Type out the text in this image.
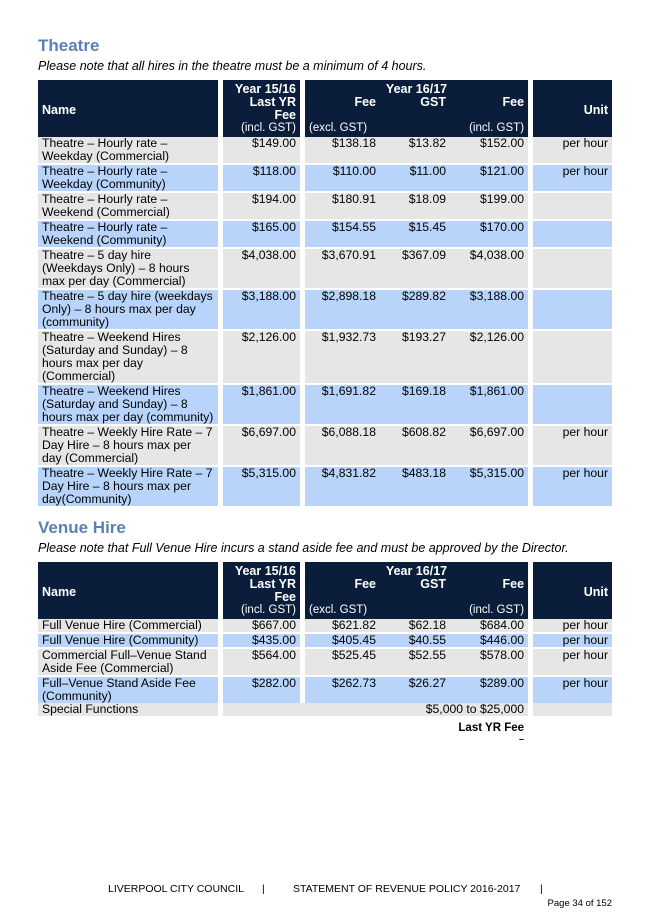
Theatre

Please note that all hires in the theatre must be a minimum of 4 hours.

Name		Year 15/16		Year 16/17				Unit
		Last YR Fee		Fee	GST	Fee		
		(incl. GST)		(excl. GST)		(incl. GST)		
Theatre – Hourly rate – Weekday (Commercial)		$149.00		$138.18	$13.82	$152.00		per hour
Theatre – Hourly rate – Weekday (Community)		$118.00		$110.00	$11.00	$121.00		per hour
Theatre – Hourly rate – Weekend (Commercial)		$194.00		$180.91	$18.09	$199.00		
Theatre – Hourly rate – Weekend (Community)		$165.00		$154.55	$15.45	$170.00		
Theatre – 5 day hire (Weekdays Only) – 8 hours max per day (Commercial)		$4,038.00		$3,670.91	$367.09	$4,038.00		
Theatre – 5 day hire (weekdays Only) – 8 hours max per day (community)		$3,188.00		$2,898.18	$289.82	$3,188.00		
Theatre – Weekend Hires (Saturday and Sunday) – 8 hours max per day (Commercial)		$2,126.00		$1,932.73	$193.27	$2,126.00		
Theatre – Weekend Hires (Saturday and Sunday) – 8 hours max per day (community)		$1,861.00		$1,691.82	$169.18	$1,861.00		
Theatre – Weekly Hire Rate – 7 Day Hire – 8 hours max per day (Commercial)		$6,697.00		$6,088.18	$608.82	$6,697.00		per hour
Theatre – Weekly Hire Rate – 7 Day Hire – 8 hours max per day(Community)		$5,315.00		$4,831.82	$483.18	$5,315.00		per hour
Venue Hire

Please note that Full Venue Hire incurs a stand aside fee and must be approved by the Director.

Name		Year 15/16		Year 16/17				Unit
		Last YR Fee		Fee	GST	Fee		
		(incl. GST)		(excl. GST)		(incl. GST)		
Full Venue Hire (Commercial)		$667.00		$621.82	$62.18	$684.00		per hour
Full Venue Hire (Community)		$435.00		$405.45	$40.55	$446.00		per hour
Commercial Full–Venue Stand Aside Fee (Commercial)		$564.00		$525.45	$52.55	$578.00		per hour
Full–Venue Stand Aside Fee (Community)		$282.00		$262.73	$26.27	$289.00		per hour
Special Functions		$5,000 to $25,000						

		Last YR Fee
–						

LIVERPOOL CITY COUNCIL |	STATEMENT OF REVENUE POLICY 2016-2017 |
Page 34 of 152
